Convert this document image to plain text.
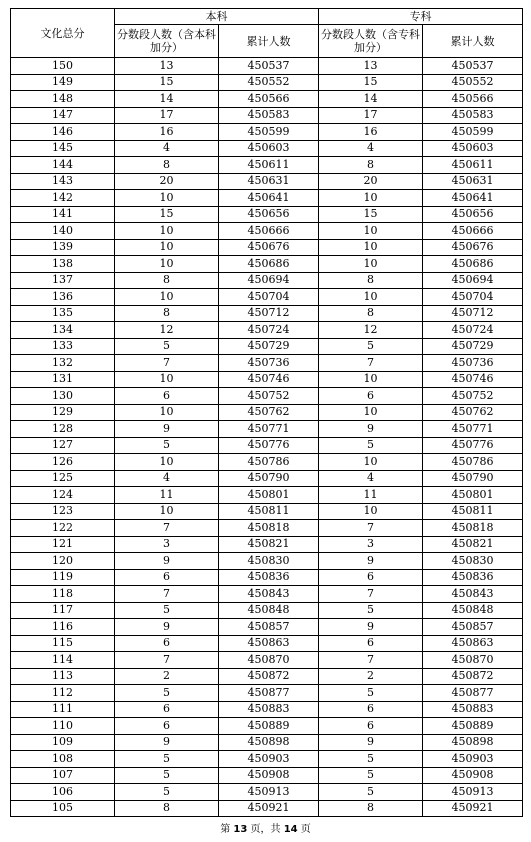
文化总分	本科		专科	
	分数段人数（含本科加分）	累计人数	分数段人数（含专科加分）	累计人数
150	13	450537	13	450537
149	15	450552	15	450552
148	14	450566	14	450566
147	17	450583	17	450583
146	16	450599	16	450599
145	4	450603	4	450603
144	8	450611	8	450611
143	20	450631	20	450631
142	10	450641	10	450641
141	15	450656	15	450656
140	10	450666	10	450666
139	10	450676	10	450676
138	10	450686	10	450686
137	8	450694	8	450694
136	10	450704	10	450704
135	8	450712	8	450712
134	12	450724	12	450724
133	5	450729	5	450729
132	7	450736	7	450736
131	10	450746	10	450746
130	6	450752	6	450752
129	10	450762	10	450762
128	9	450771	9	450771
127	5	450776	5	450776
126	10	450786	10	450786
125	4	450790	4	450790
124	11	450801	11	450801
123	10	450811	10	450811
122	7	450818	7	450818
121	3	450821	3	450821
120	9	450830	9	450830
119	6	450836	6	450836
118	7	450843	7	450843
117	5	450848	5	450848
116	9	450857	9	450857
115	6	450863	6	450863
114	7	450870	7	450870
113	2	450872	2	450872
112	5	450877	5	450877
111	6	450883	6	450883
110	6	450889	6	450889
109	9	450898	9	450898
108	5	450903	5	450903
107	5	450908	5	450908
106	5	450913	5	450913
105	8	450921	8	450921
第 13 页，共 14 页
